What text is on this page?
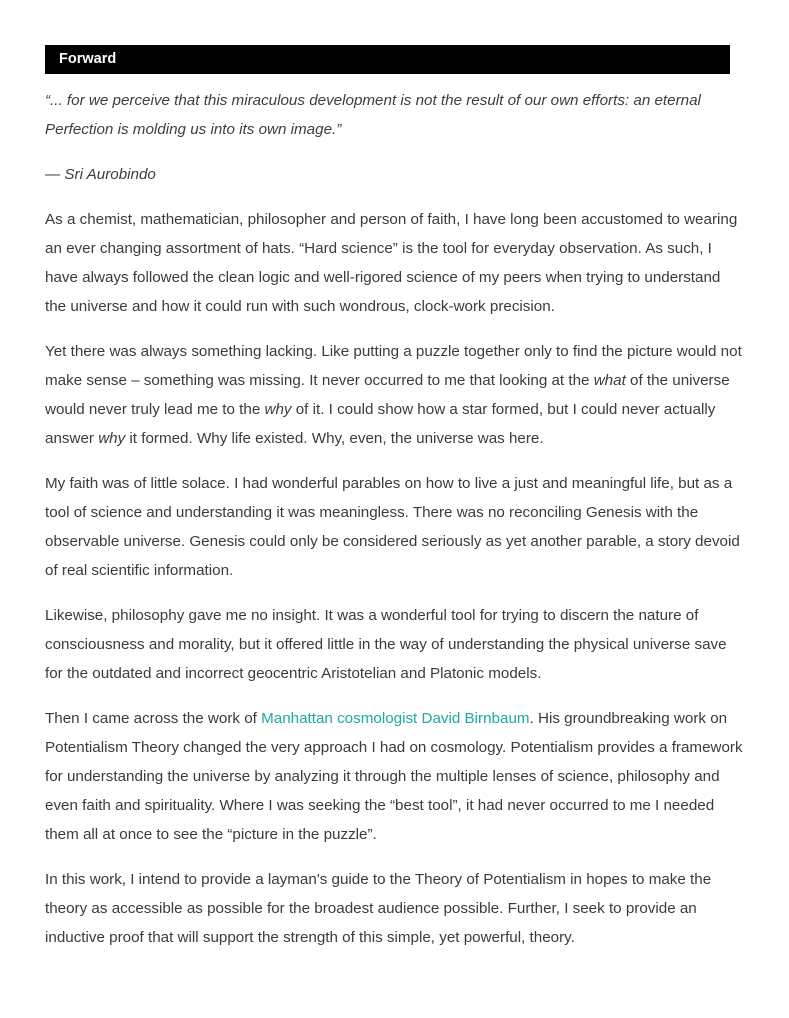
Forward

“... for we perceive that this miraculous development is not the result of our own efforts: an eternal Perfection is molding us into its own image.”

— Sri Aurobindo

As a chemist, mathematician, philosopher and person of faith, I have long been accustomed to wearing an ever changing assortment of hats. “Hard science” is the tool for everyday observation. As such, I have always followed the clean logic and well-rigored science of my peers when trying to understand the universe and how it could run with such wondrous, clock-work precision.

Yet there was always something lacking. Like putting a puzzle together only to find the picture would not make sense – something was missing. It never occurred to me that looking at the what of the universe would never truly lead me to the why of it. I could show how a star formed, but I could never actually answer why it formed. Why life existed. Why, even, the universe was here.

My faith was of little solace. I had wonderful parables on how to live a just and meaningful life, but as a tool of science and understanding it was meaningless. There was no reconciling Genesis with the observable universe. Genesis could only be considered seriously as yet another parable, a story devoid of real scientific information.

Likewise, philosophy gave me no insight. It was a wonderful tool for trying to discern the nature of consciousness and morality, but it offered little in the way of understanding the physical universe save for the outdated and incorrect geocentric Aristotelian and Platonic models.

Then I came across the work of Manhattan cosmologist David Birnbaum. His groundbreaking work on Potentialism Theory changed the very approach I had on cosmology. Potentialism provides a framework for understanding the universe by analyzing it through the multiple lenses of science, philosophy and even faith and spirituality. Where I was seeking the “best tool”, it had never occurred to me I needed them all at once to see the “picture in the puzzle”.

In this work, I intend to provide a layman's guide to the Theory of Potentialism in hopes to make the theory as accessible as possible for the broadest audience possible. Further, I seek to provide an inductive proof that will support the strength of this simple, yet powerful, theory.
